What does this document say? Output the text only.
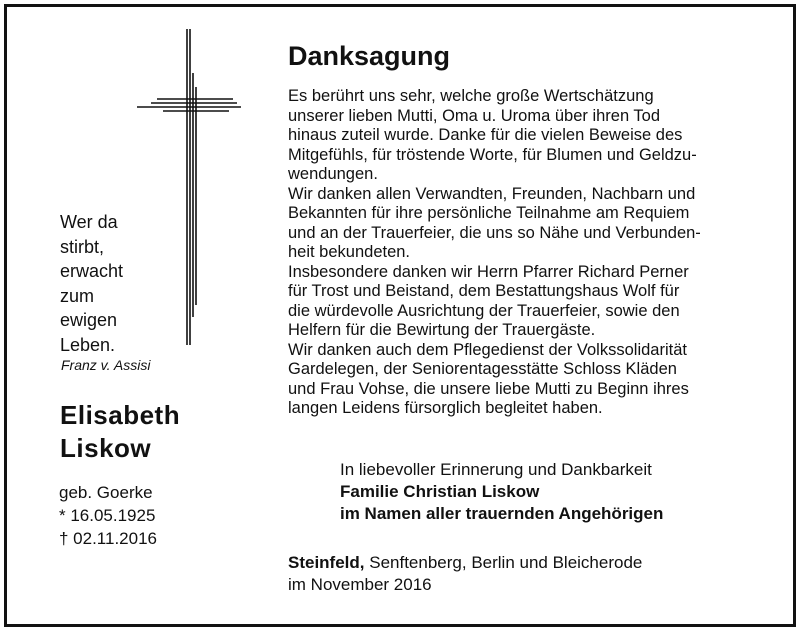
Wer da
stirbt,
erwacht
zum
ewigen
Leben.
Franz v. Assisi
Elisabeth
Liskow
geb. Goerke
* 16.05.1925
† 02.11.2016
Danksagung
Es berührt uns sehr, welche große Wertschätzung
unserer lieben Mutti, Oma u. Uroma über ihren Tod
hinaus zuteil wurde. Danke für die vielen Beweise des
Mitgefühls, für tröstende Worte, für Blumen und Geldzu-
wendungen.
Wir danken allen Verwandten, Freunden, Nachbarn und
Bekannten für ihre persönliche Teilnahme am Requiem
und an der Trauerfeier, die uns so Nähe und Verbunden-
heit bekundeten.
Insbesondere danken wir Herrn Pfarrer Richard Perner
für Trost und Beistand, dem Bestattungshaus Wolf für
die würdevolle Ausrichtung der Trauerfeier, sowie den
Helfern für die Bewirtung der Trauergäste.
Wir danken auch dem Pflegedienst der Volkssolidarität
Gardelegen, der Seniorentagesstätte Schloss Kläden
und Frau Vohse, die unsere liebe Mutti zu Beginn ihres
langen Leidens fürsorglich begleitet haben.
In liebevoller Erinnerung und Dankbarkeit
Familie Christian Liskow
im Namen aller trauernden Angehörigen
Steinfeld, Senftenberg, Berlin und Bleicherode
im November 2016
